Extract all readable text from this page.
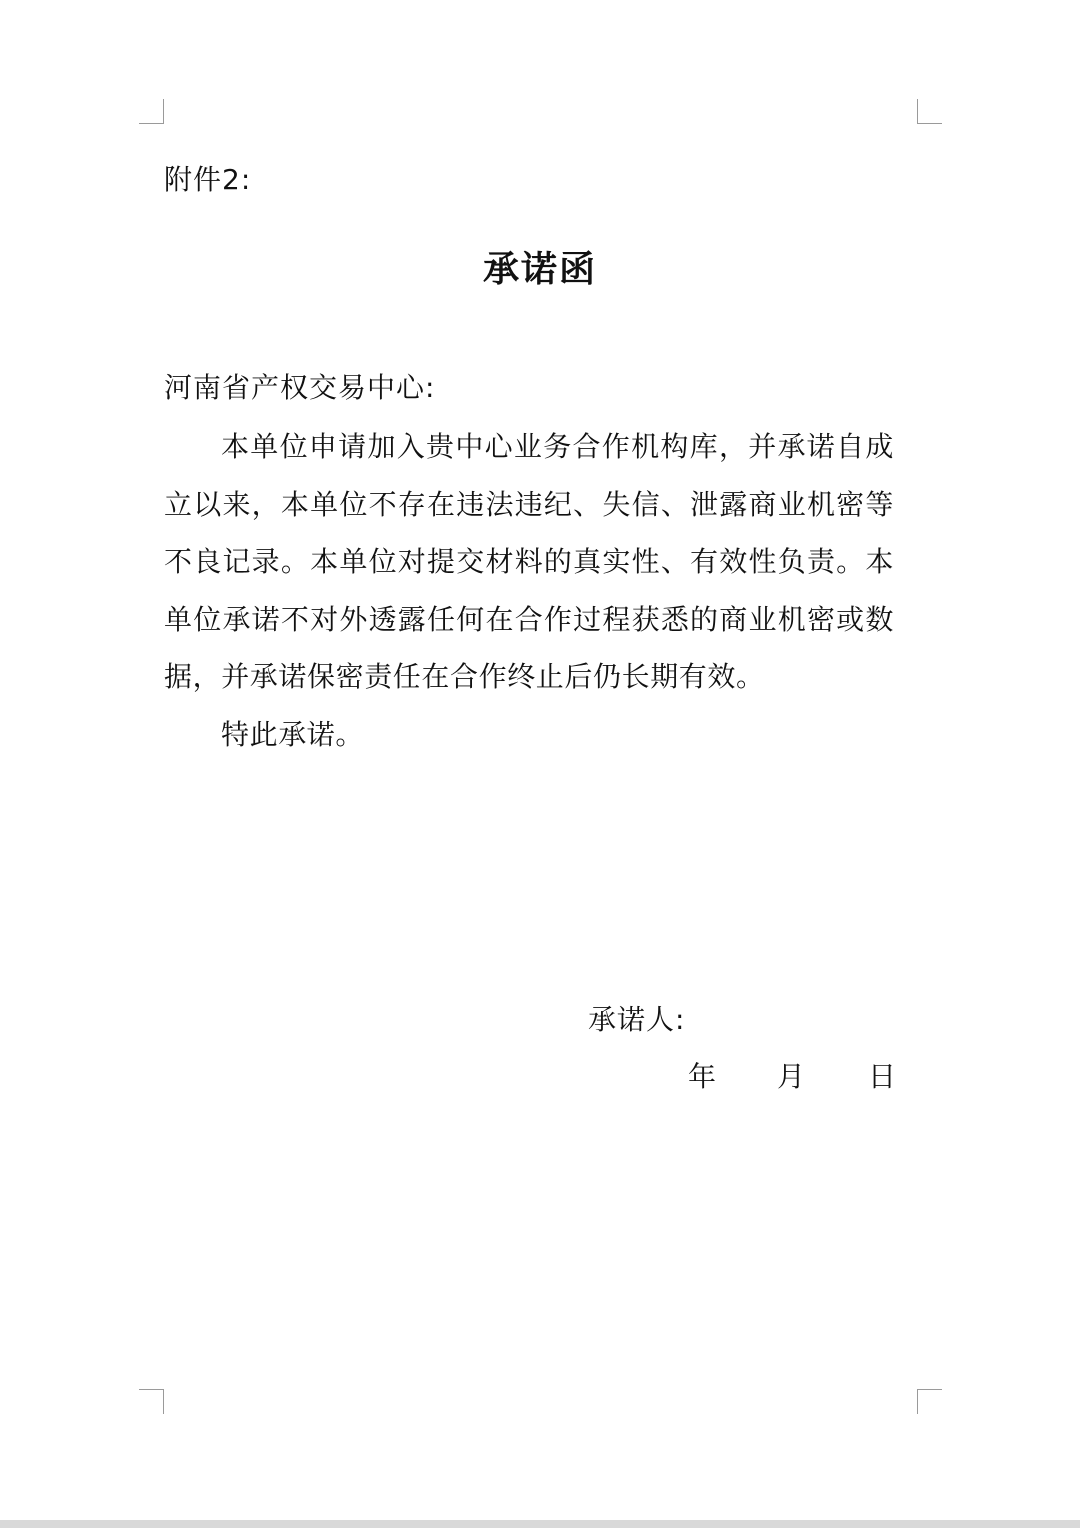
附件2:
承诺函
河南省产权交易中心:

本单位申请加入贵中心业务合作机构库，并承诺自成立以来，本单位不存在违法违纪、失信、泄露商业机密等不良记录。本单位对提交材料的真实性、有效性负责。本单位承诺不对外透露任何在合作过程获悉的商业机密或数据，并承诺保密责任在合作终止后仍长期有效。

特此承诺。

承诺人:
年 月 日
